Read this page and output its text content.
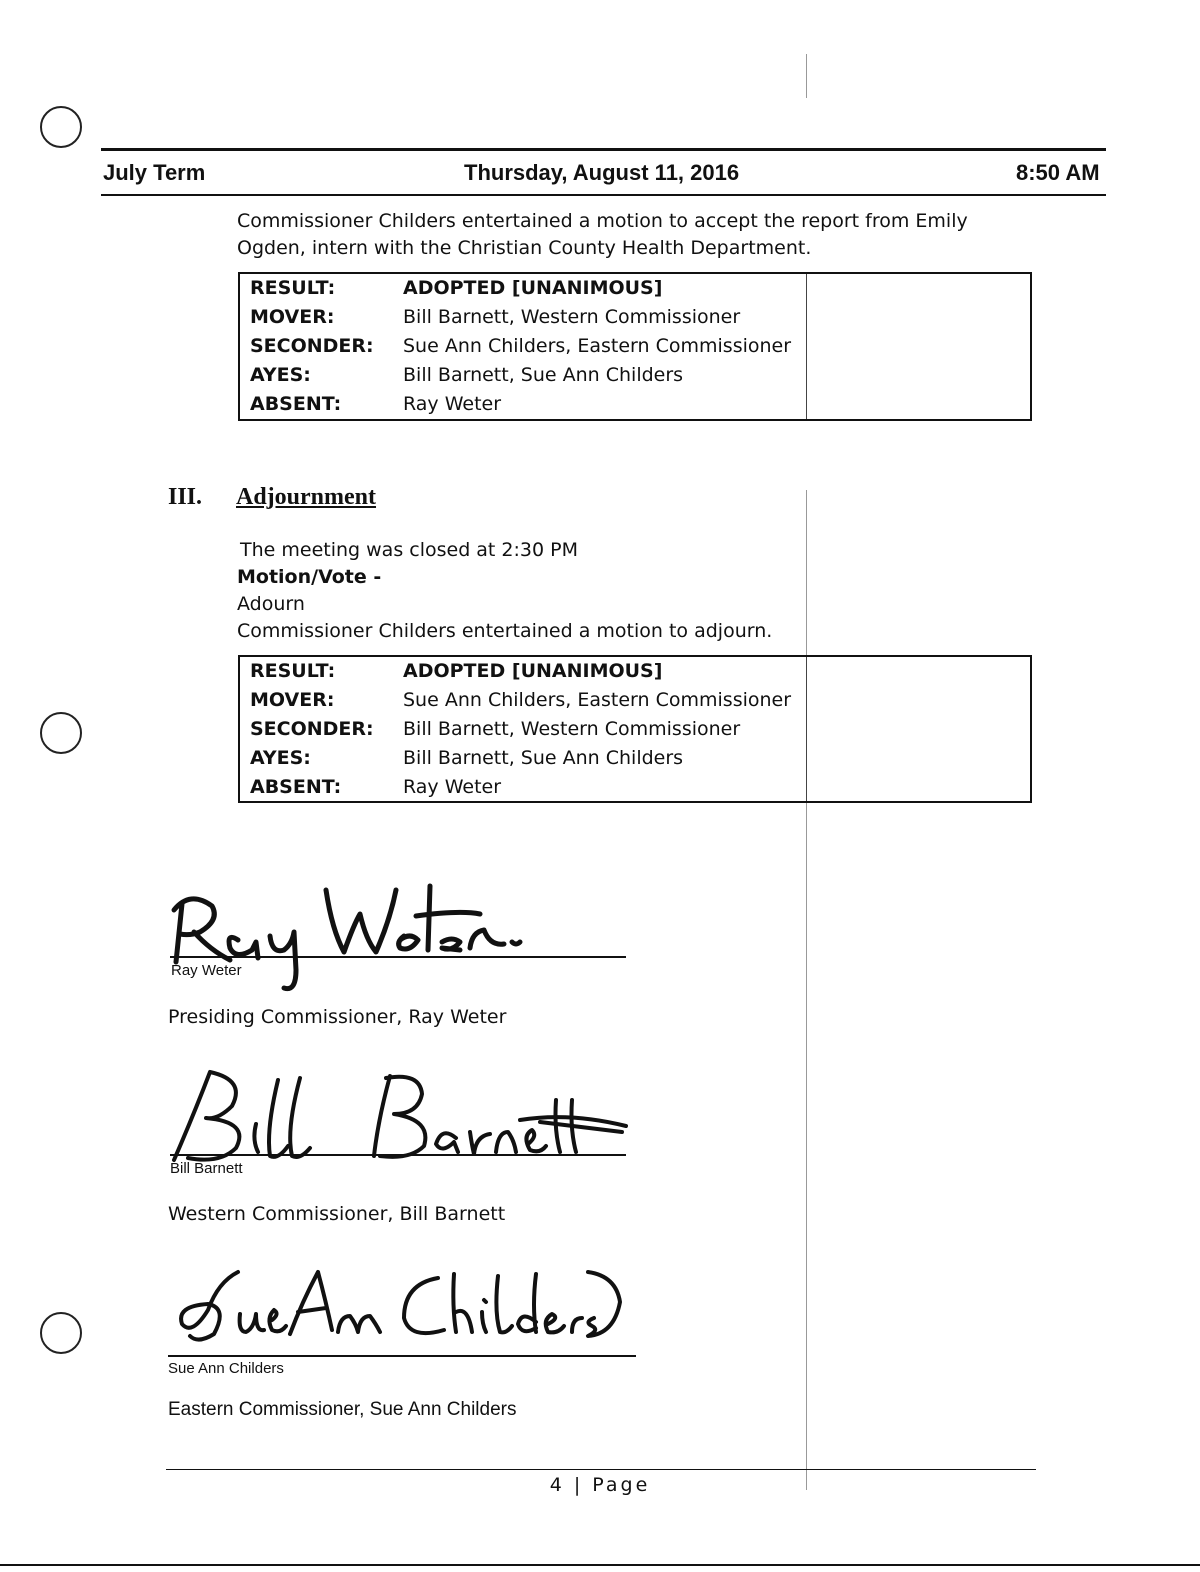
July Term	Thursday, August 11, 2016	8:50 AM
Commissioner Childers entertained a motion to accept the report from Emily Ogden, intern with the Christian County Health Department.
RESULT:	ADOPTED [UNANIMOUS]
MOVER:	Bill Barnett, Western Commissioner
SECONDER: Sue Ann Childers, Eastern Commissioner
AYES:	Bill Barnett, Sue Ann Childers
ABSENT:	Ray Weter
III. Adjournment
The meeting was closed at 2:30 PM
Motion/Vote -
Adourn
Commissioner Childers entertained a motion to adjourn.
RESULT:	ADOPTED [UNANIMOUS]
MOVER:	Sue Ann Childers, Eastern Commissioner
SECONDER: Bill Barnett, Western Commissioner
AYES:	Bill Barnett, Sue Ann Childers
ABSENT:	Ray Weter
Ray Weter
Presiding Commissioner, Ray Weter
Bill Barnett
Western Commissioner, Bill Barnett
Sue Ann Childers
Eastern Commissioner, Sue Ann Childers
4 | Page
